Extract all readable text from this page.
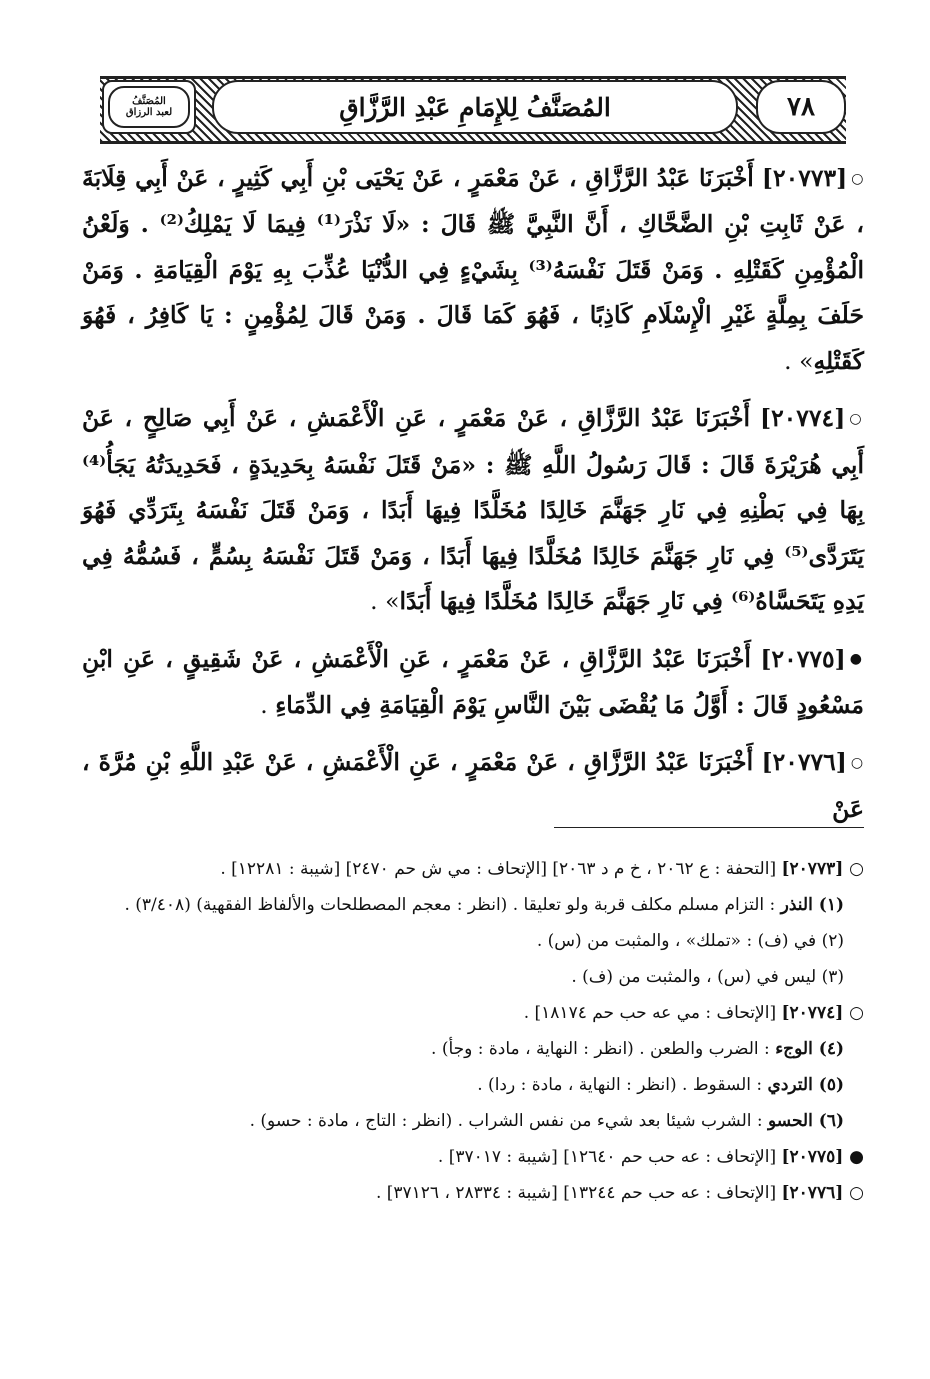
٧٨
المُصَنَّفُ لِلإِمَامِ عَبْدِ الرَّزَّاقِ
المُصَنَّفُ
لعبد الرزاق

○[٢٠٧٧٣] أَخْبَرَنَا عَبْدُ الرَّزَّاقِ ، عَنْ مَعْمَرٍ ، عَنْ يَحْيَى بْنِ أَبِي كَثِيرٍ ، عَنْ أَبِي قِلَابَةَ ، عَنْ ثَابِتِ بْنِ الضَّحَّاكِ ، أَنَّ النَّبِيَّ ﷺ قَالَ : «لَا نَذْرَ⁽¹⁾ فِيمَا لَا يَمْلِكُ⁽²⁾ . وَلَعْنُ الْمُؤْمِنِ كَقَتْلِهِ . وَمَنْ قَتَلَ نَفْسَهُ⁽³⁾ بِشَيْءٍ فِي الدُّنْيَا عُذِّبَ بِهِ يَوْمَ الْقِيَامَةِ . وَمَنْ حَلَفَ بِمِلَّةٍ غَيْرِ الْإِسْلَامِ كَاذِبًا ، فَهُوَ كَمَا قَالَ . وَمَنْ قَالَ لِمُؤْمِنٍ : يَا كَافِرُ ، فَهُوَ كَقَتْلِهِ» .

○[٢٠٧٧٤] أَخْبَرَنَا عَبْدُ الرَّزَّاقِ ، عَنْ مَعْمَرٍ ، عَنِ الْأَعْمَشِ ، عَنْ أَبِي صَالِحٍ ، عَنْ أَبِي هُرَيْرَةَ قَالَ : قَالَ رَسُولُ اللَّهِ ﷺ : «مَنْ قَتَلَ نَفْسَهُ بِحَدِيدَةٍ ، فَحَدِيدَتُهُ يَجَأُ⁽⁴⁾ بِهَا فِي بَطْنِهِ فِي نَارِ جَهَنَّمَ خَالِدًا مُخَلَّدًا فِيهَا أَبَدًا ، وَمَنْ قَتَلَ نَفْسَهُ بِتَرَدِّي فَهُوَ يَتَرَدَّى⁽⁵⁾ فِي نَارِ جَهَنَّمَ خَالِدًا مُخَلَّدًا فِيهَا أَبَدًا ، وَمَنْ قَتَلَ نَفْسَهُ بِسُمٍّ ، فَسُمُّهُ فِي يَدِهِ يَتَحَسَّاهُ⁽⁶⁾ فِي نَارِ جَهَنَّمَ خَالِدًا مُخَلَّدًا فِيهَا أَبَدًا» .

●[٢٠٧٧٥] أَخْبَرَنَا عَبْدُ الرَّزَّاقِ ، عَنْ مَعْمَرٍ ، عَنِ الْأَعْمَشِ ، عَنْ شَقِيقٍ ، عَنِ ابْنِ مَسْعُودٍ قَالَ : أَوَّلُ مَا يُقْضَى بَيْنَ النَّاسِ يَوْمَ الْقِيَامَةِ فِي الدِّمَاءِ .

○[٢٠٧٧٦] أَخْبَرَنَا عَبْدُ الرَّزَّاقِ ، عَنْ مَعْمَرٍ ، عَنِ الْأَعْمَشِ ، عَنْ عَبْدِ اللَّهِ بْنِ مُرَّةَ ، عَنْ

○ [٢٠٧٧٣] [التحفة : ع ٢٠٦٢ ، خ م د ٢٠٦٣] [الإتحاف : مي ش حم ٢٤٧٠] [شيبة : ١٢٢٨١] .
(١) النذر : التزام مسلم مكلف قربة ولو تعليقا . (انظر : معجم المصطلحات والألفاظ الفقهية) (٣/٤٠٨) .
(٢) في (ف) : «تملك» ، والمثبت من (س) .
(٣) ليس في (س) ، والمثبت من (ف) .
○ [٢٠٧٧٤] [الإتحاف : مي عه حب حم ١٨١٧٤] .
(٤) الوجء : الضرب والطعن . (انظر : النهاية ، مادة : وجأ) .
(٥) التردي : السقوط . (انظر : النهاية ، مادة : ردا) .
(٦) الحسو : الشرب شيئا بعد شيء من نفس الشراب . (انظر : التاج ، مادة : حسو) .
● [٢٠٧٧٥] [الإتحاف : عه حب حم ١٢٦٤٠] [شيبة : ٣٧٠١٧] .
○ [٢٠٧٧٦] [الإتحاف : عه حب حم ١٣٢٤٤] [شيبة : ٢٨٣٣٤ ، ٣٧١٢٦] .
